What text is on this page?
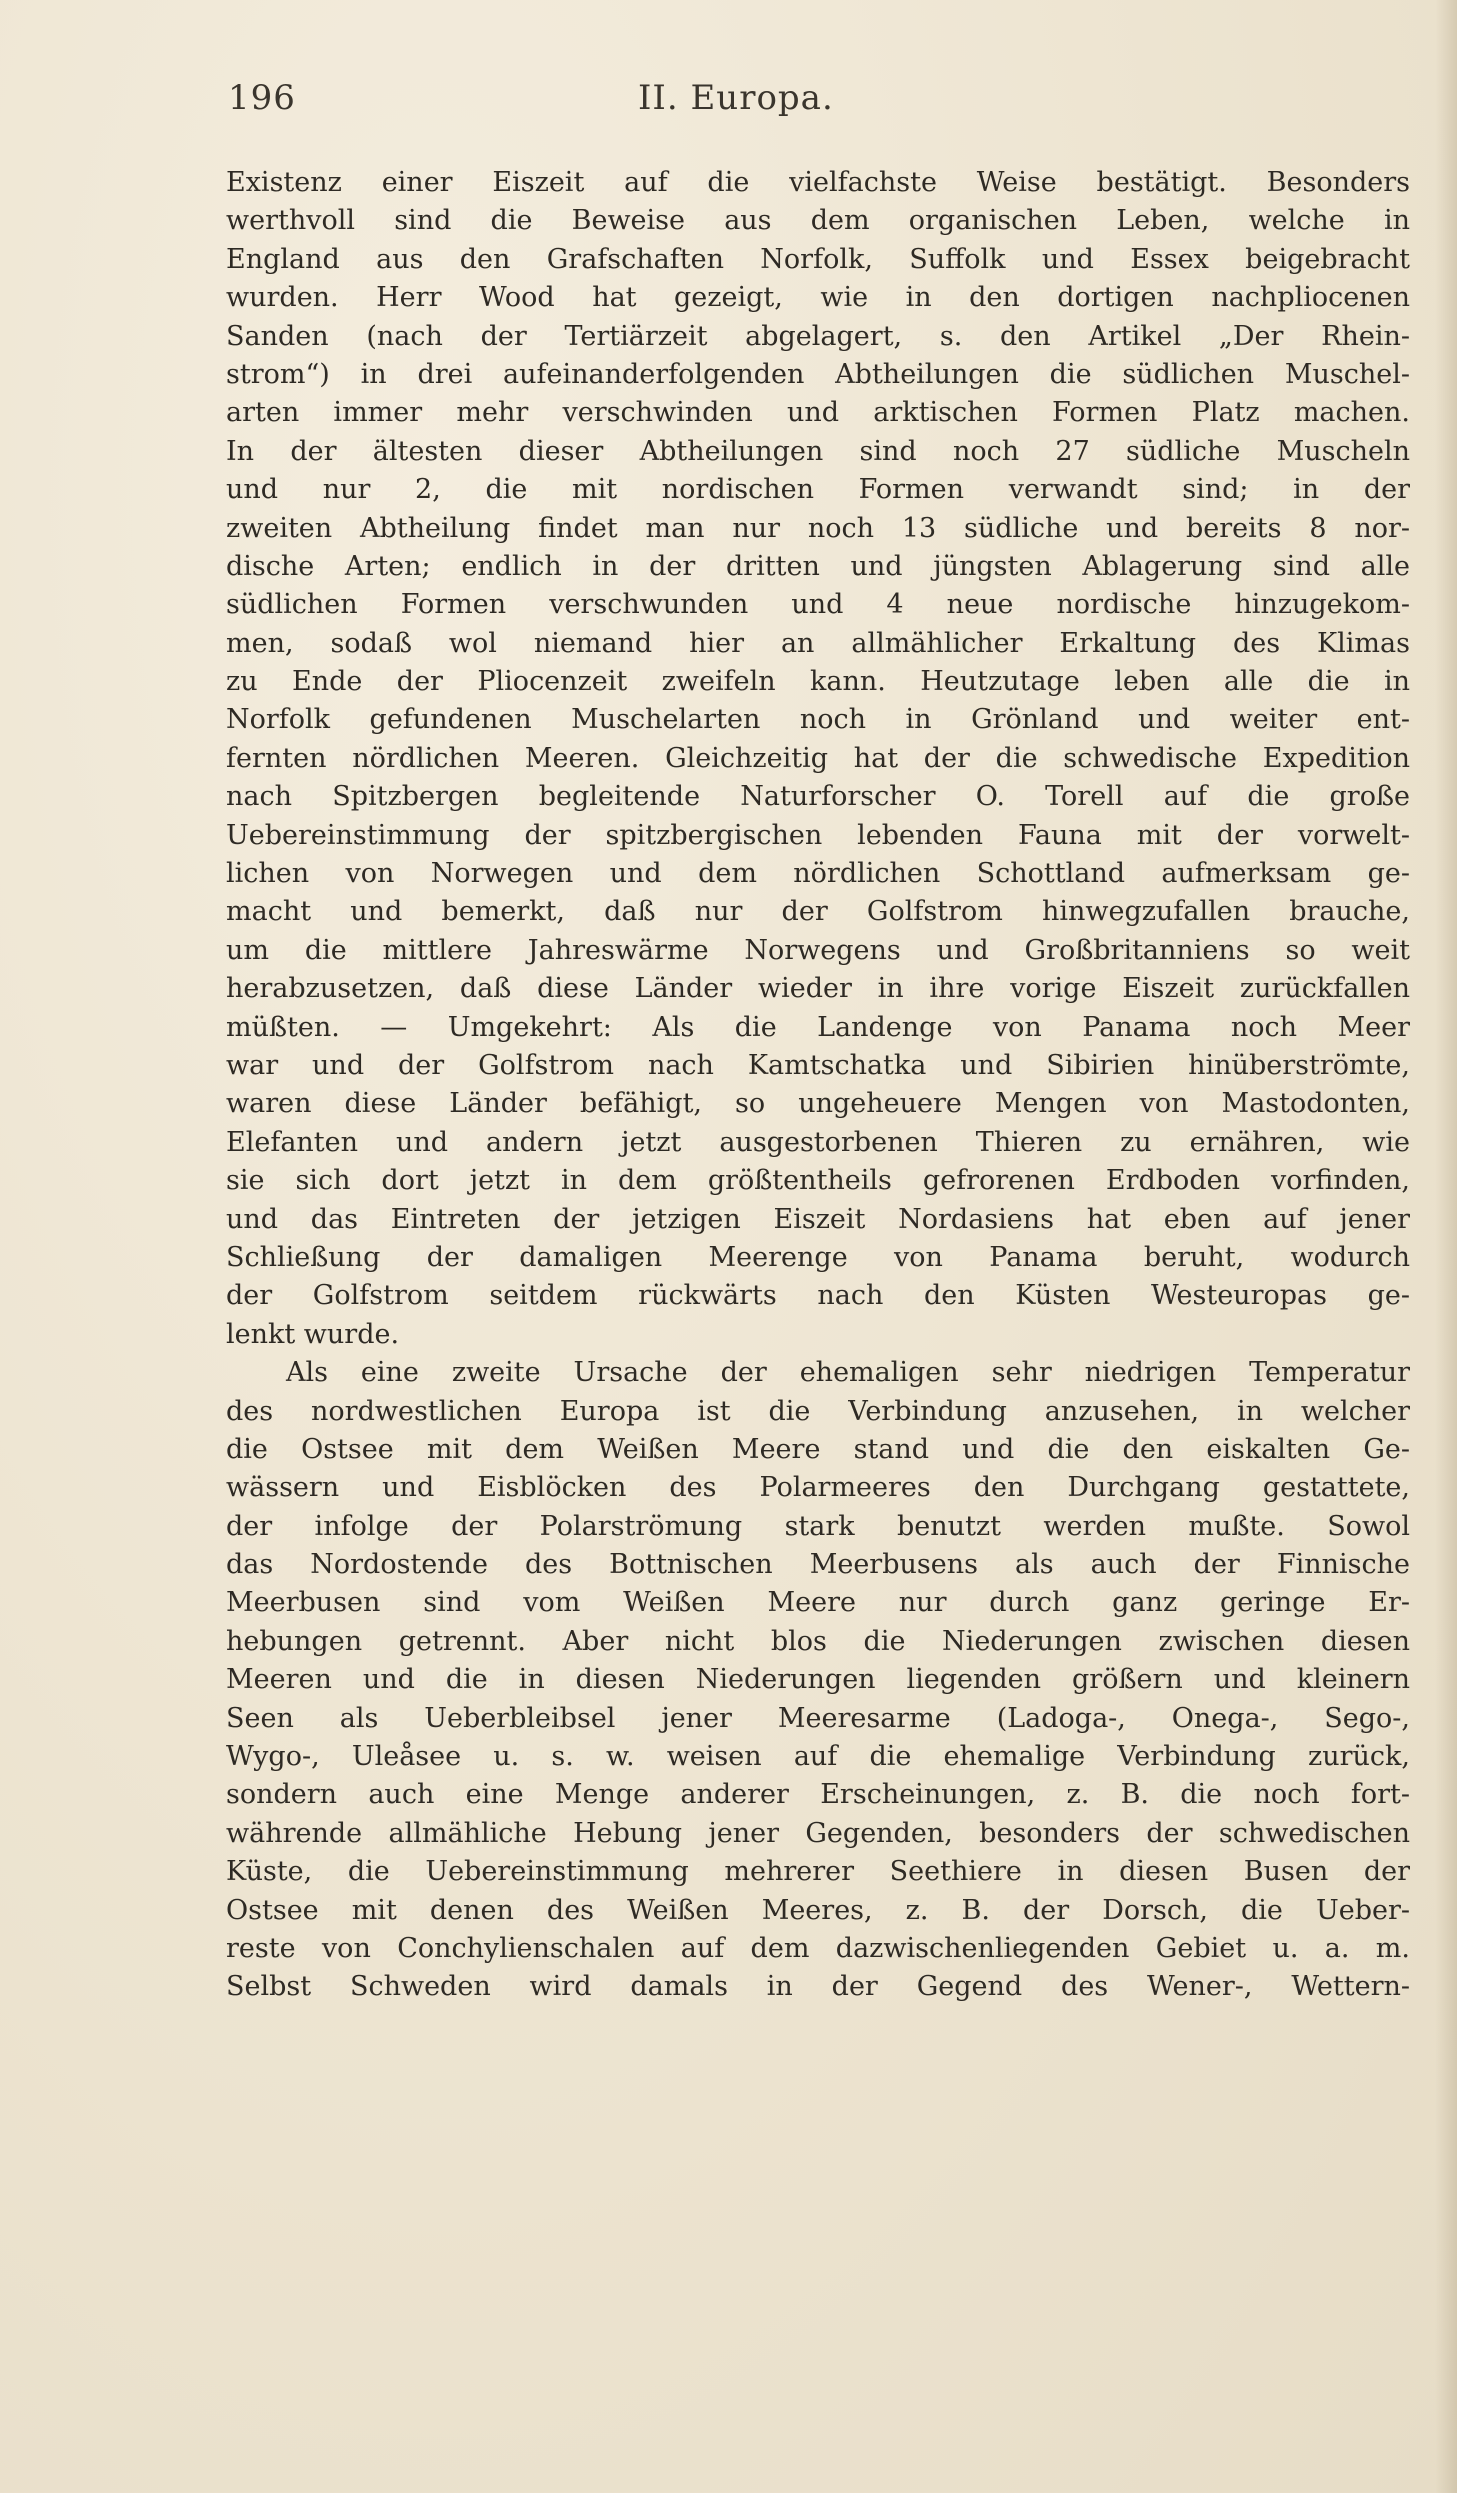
196	II. Europa.
Existenz einer Eiszeit auf die vielfachste Weise bestätigt. Besonders
werthvoll sind die Beweise aus dem organischen Leben, welche in
England aus den Grafschaften Norfolk, Suffolk und Essex beigebracht
wurden. Herr Wood hat gezeigt, wie in den dortigen nachpliocenen
Sanden (nach der Tertiärzeit abgelagert, s. den Artikel „Der Rhein-
strom“) in drei aufeinanderfolgenden Abtheilungen die südlichen Muschel-
arten immer mehr verschwinden und arktischen Formen Platz machen.
In der ältesten dieser Abtheilungen sind noch 27 südliche Muscheln
und nur 2, die mit nordischen Formen verwandt sind; in der
zweiten Abtheilung findet man nur noch 13 südliche und bereits 8 nor-
dische Arten; endlich in der dritten und jüngsten Ablagerung sind alle
südlichen Formen verschwunden und 4 neue nordische hinzugekom-
men, sodaß wol niemand hier an allmählicher Erkaltung des Klimas
zu Ende der Pliocenzeit zweifeln kann. Heutzutage leben alle die in
Norfolk gefundenen Muschelarten noch in Grönland und weiter ent-
fernten nördlichen Meeren. Gleichzeitig hat der die schwedische Expedition
nach Spitzbergen begleitende Naturforscher O. Torell auf die große
Uebereinstimmung der spitzbergischen lebenden Fauna mit der vorwelt-
lichen von Norwegen und dem nördlichen Schottland aufmerksam ge-
macht und bemerkt, daß nur der Golfstrom hinwegzufallen brauche,
um die mittlere Jahreswärme Norwegens und Großbritanniens so weit
herabzusetzen, daß diese Länder wieder in ihre vorige Eiszeit zurückfallen
müßten. — Umgekehrt: Als die Landenge von Panama noch Meer
war und der Golfstrom nach Kamtschatka und Sibirien hinüberströmte,
waren diese Länder befähigt, so ungeheuere Mengen von Mastodonten,
Elefanten und andern jetzt ausgestorbenen Thieren zu ernähren, wie
sie sich dort jetzt in dem größtentheils gefrorenen Erdboden vorfinden,
und das Eintreten der jetzigen Eiszeit Nordasiens hat eben auf jener
Schließung der damaligen Meerenge von Panama beruht, wodurch
der Golfstrom seitdem rückwärts nach den Küsten Westeuropas ge-
lenkt wurde.
Als eine zweite Ursache der ehemaligen sehr niedrigen Temperatur
des nordwestlichen Europa ist die Verbindung anzusehen, in welcher
die Ostsee mit dem Weißen Meere stand und die den eiskalten Ge-
wässern und Eisblöcken des Polarmeeres den Durchgang gestattete,
der infolge der Polarströmung stark benutzt werden mußte. Sowol
das Nordostende des Bottnischen Meerbusens als auch der Finnische
Meerbusen sind vom Weißen Meere nur durch ganz geringe Er-
hebungen getrennt. Aber nicht blos die Niederungen zwischen diesen
Meeren und die in diesen Niederungen liegenden größern und kleinern
Seen als Ueberbleibsel jener Meeresarme (Ladoga-, Onega-, Sego-,
Wygo-, Uleåsee u. s. w. weisen auf die ehemalige Verbindung zurück,
sondern auch eine Menge anderer Erscheinungen, z. B. die noch fort-
währende allmähliche Hebung jener Gegenden, besonders der schwedischen
Küste, die Uebereinstimmung mehrerer Seethiere in diesen Busen der
Ostsee mit denen des Weißen Meeres, z. B. der Dorsch, die Ueber-
reste von Conchylienschalen auf dem dazwischenliegenden Gebiet u. a. m.
Selbst Schweden wird damals in der Gegend des Wener-, Wettern-
